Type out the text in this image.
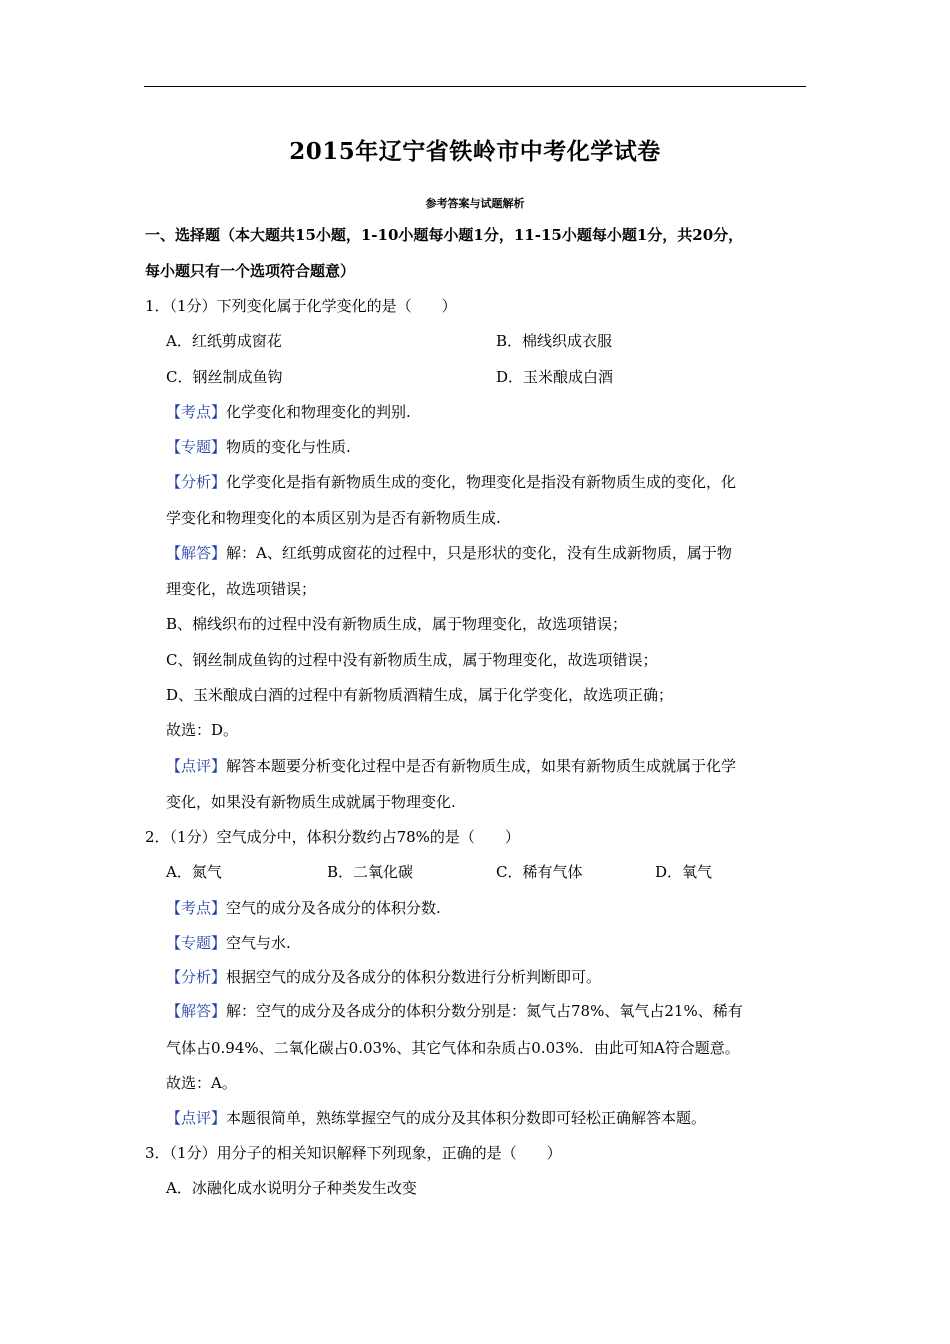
2015年辽宁省铁岭市中考化学试卷
参考答案与试题解析
一、选择题（本大题共15小题，1-10小题每小题1分，11-15小题每小题1分，共20分，
每小题只有一个选项符合题意）
1．（1分）下列变化属于化学变化的是（　　）
A．红纸剪成窗花	B．棉线织成衣服
C．钢丝制成鱼钩	D．玉米酿成白酒
【考点】化学变化和物理变化的判别.
【专题】物质的变化与性质.
【分析】化学变化是指有新物质生成的变化，物理变化是指没有新物质生成的变化，化
学变化和物理变化的本质区别为是否有新物质生成.
【解答】解：A、红纸剪成窗花的过程中，只是形状的变化，没有生成新物质，属于物
理变化，故选项错误；
B、棉线织布的过程中没有新物质生成，属于物理变化，故选项错误；
C、钢丝制成鱼钩的过程中没有新物质生成，属于物理变化，故选项错误；
D、玉米酿成白酒的过程中有新物质酒精生成，属于化学变化，故选项正确；
故选：D。
【点评】解答本题要分析变化过程中是否有新物质生成，如果有新物质生成就属于化学
变化，如果没有新物质生成就属于物理变化.
2．（1分）空气成分中，体积分数约占78%的是（　　）
A．氮气	B．二氧化碳	C．稀有气体	D．氧气
【考点】空气的成分及各成分的体积分数.
【专题】空气与水.
【分析】根据空气的成分及各成分的体积分数进行分析判断即可。
【解答】解：空气的成分及各成分的体积分数分别是：氮气占78%、氧气占21%、稀有
气体占0.94%、二氧化碳占0.03%、其它气体和杂质占0.03%．由此可知A符合题意。
故选：A。
【点评】本题很简单，熟练掌握空气的成分及其体积分数即可轻松正确解答本题。
3．（1分）用分子的相关知识解释下列现象，正确的是（　　）
A．冰融化成水说明分子种类发生改变
